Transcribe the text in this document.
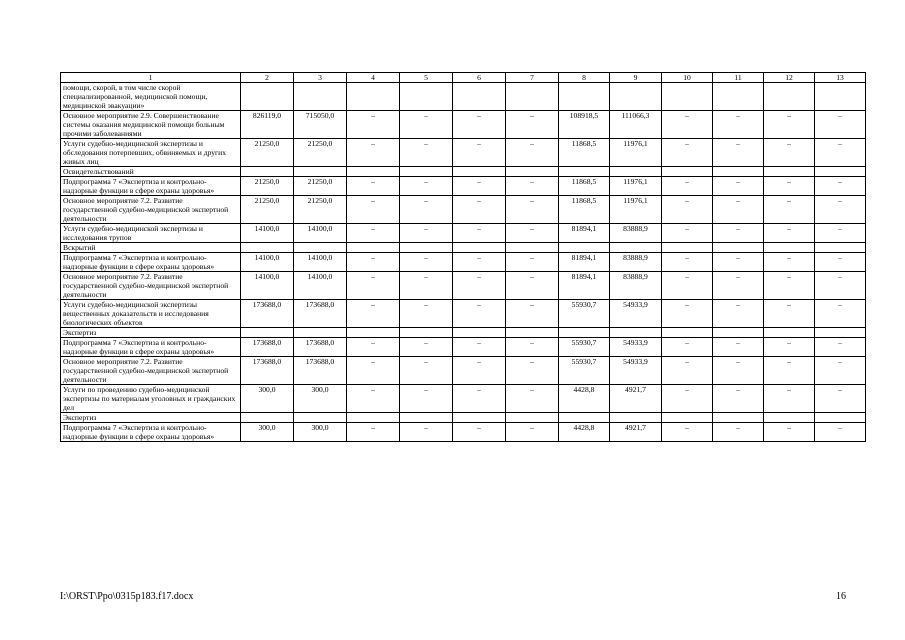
1	2	3	4	5	6	7	8	9	10	11	12	13
помощи, скорой, в том числе скорой специализированной, медицинской помощи, медицинской эвакуации»												
Основное мероприятие 2.9. Совершенствование системы оказания медицинской помощи больным прочими заболеваниями	826119,0	715050,0	–	–	–	–	108918,5	111066,3	–	–	–	–
Услуги судебно-медицинской экспертизы и обследования потерпевших, обвиняемых и других живых лиц	21250,0	21250,0	–	–	–	–	11868,5	11976,1	–	–	–	–
Освидетельствований												
Подпрограмма 7 «Экспертиза и контрольно-надзорные функции в сфере охраны здоровья»	21250,0	21250,0	–	–	–	–	11868,5	11976,1	–	–	–	–
Основное мероприятие 7.2. Развитие государственной судебно-медицинской экспертной деятельности	21250,0	21250,0	–	–	–	–	11868,5	11976,1	–	–	–	–
Услуги судебно-медицинской экспертизы и исследования трупов	14100,0	14100,0	–	–	–	–	81894,1	83888,9	–	–	–	–
Вскрытий												
Подпрограмма 7 «Экспертиза и контрольно-надзорные функции в сфере охраны здоровья»	14100,0	14100,0	–	–	–	–	81894,1	83888,9	–	–	–	–
Основное мероприятие 7.2. Развитие государственной судебно-медицинской экспертной деятельности	14100,0	14100,0	–	–	–	–	81894,1	83888,9	–	–	–	–
Услуги судебно-медицинской экспертизы вещественных доказательств и исследования биологических объектов	173688,0	173688,0	–	–	–	–	55930,7	54933,9	–	–	–	–
Экспертиз												
Подпрограмма 7 «Экспертиза и контрольно-надзорные функции в сфере охраны здоровья»	173688,0	173688,0	–	–	–	–	55930,7	54933,9	–	–	–	–
Основное мероприятие 7.2. Развитие государственной судебно-медицинской экспертной деятельности	173688,0	173688,0	–	–	–	–	55930,7	54933,9	–	–	–	–
Услуги по проведению судебно-медицинской экспертизы по материалам уголовных и гражданских дел	300,0	300,0	–	–	–	–	4428,8	4921,7	–	–	–	–
Экспертиз												
Подпрограмма 7 «Экспертиза и контрольно-надзорные функции в сфере охраны здоровья»	300,0	300,0	–	–	–	–	4428,8	4921,7	–	–	–	–
I:\ORST\Ppo\0315p183.f17.docx	16
